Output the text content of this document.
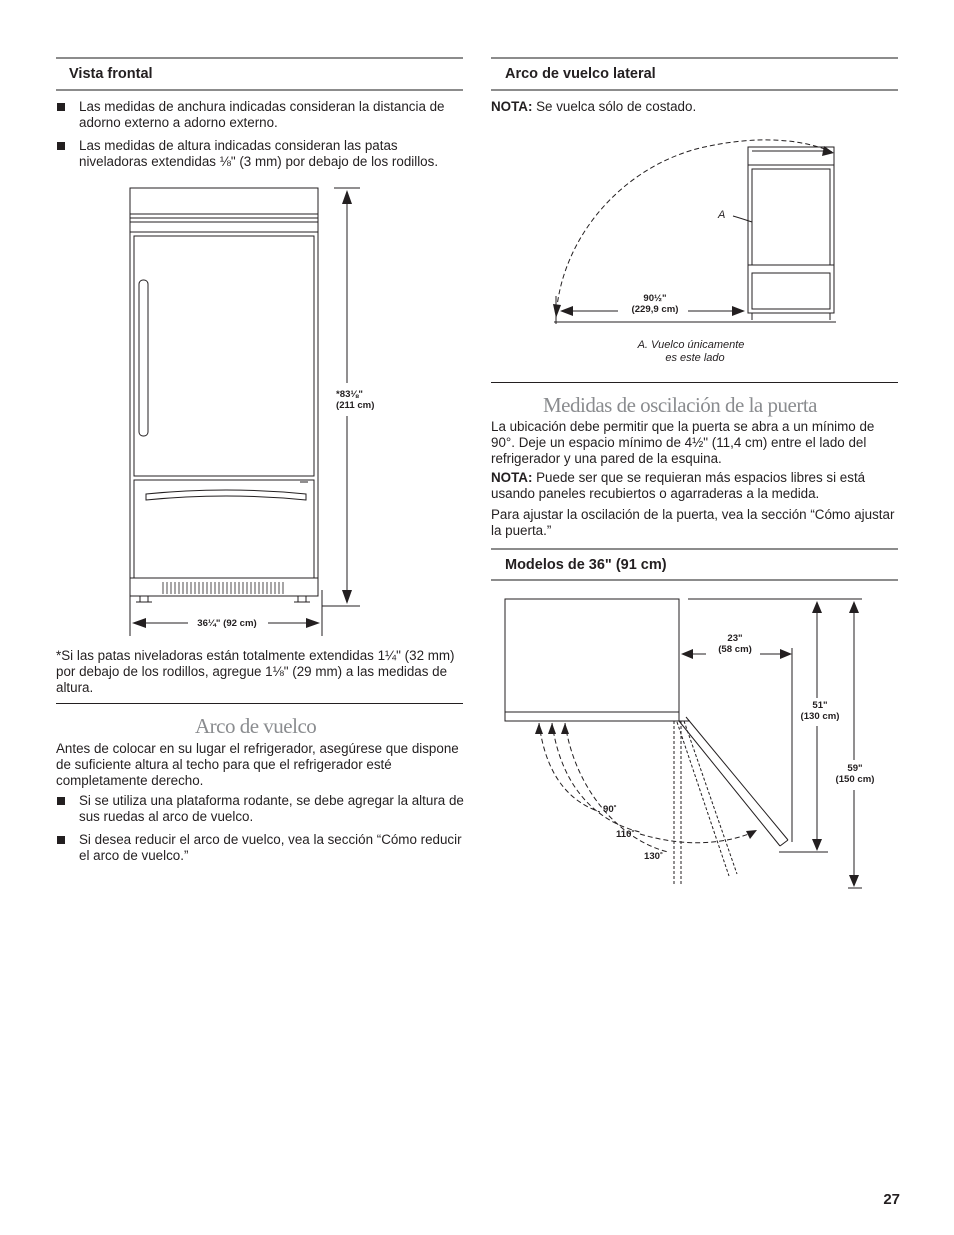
Vista frontal
Las medidas de anchura indicadas consideran la distancia de adorno externo a adorno externo.
Las medidas de altura indicadas consideran las patas niveladoras extendidas ⅛" (3 mm) por debajo de los rodillos.
*83⅛"
(211 cm)
36¼" (92 cm)
*Si las patas niveladoras están totalmente extendidas 1¼" (32 mm) por debajo de los rodillos, agregue 1⅛" (29 mm) a las medidas de altura.
Arco de vuelco
Antes de colocar en su lugar el refrigerador, asegúrese que dispone de suficiente altura al techo para que el refrigerador esté completamente derecho.
Si se utiliza una plataforma rodante, se debe agregar la altura de sus ruedas al arco de vuelco.
Si desea reducir el arco de vuelco, vea la sección “Cómo reducir el arco de vuelco.”
Arco de vuelco lateral

NOTA: Se vuelca sólo de costado.

A
90½"
(229,9 cm)
A. Vuelco únicamente
es este lado
Medidas de oscilación de la puerta

La ubicación debe permitir que la puerta se abra a un mínimo de 90°. Deje un espacio mínimo de 4½" (11,4 cm) entre el lado del refrigerador y una pared de la esquina.

NOTA: Puede ser que se requieran más espacios libres si está usando paneles recubiertos o agarraderas a la medida.

Para ajustar la oscilación de la puerta, vea la sección “Cómo ajustar la puerta.”

Modelos de 36" (91 cm)
23"
(58 cm)
51"
(130 cm)
59"
(150 cm)
90˚
110˚
130˚
27
